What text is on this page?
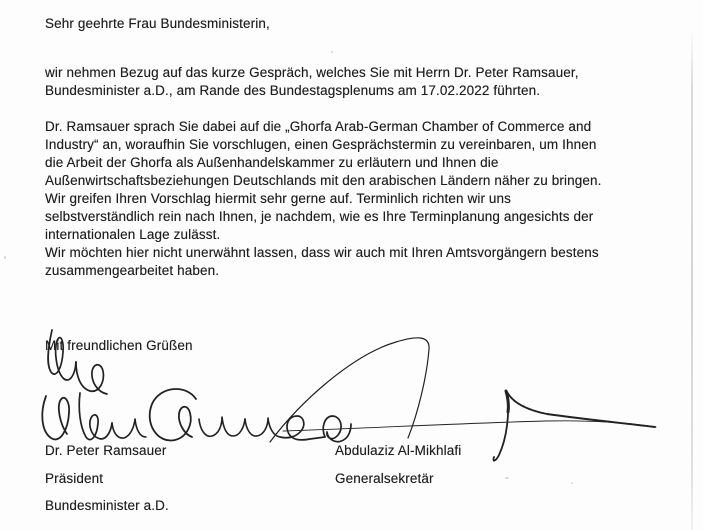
Sehr geehrte Frau Bundesministerin,
wir nehmen Bezug auf das kurze Gespräch, welches Sie mit Herrn Dr. Peter Ramsauer,
Bundesminister a.D., am Rande des Bundestagsplenums am 17.02.2022 führten.
Dr. Ramsauer sprach Sie dabei auf die „Ghorfa Arab-German Chamber of Commerce and
Industry“ an, woraufhin Sie vorschlugen, einen Gesprächstermin zu vereinbaren, um Ihnen
die Arbeit der Ghorfa als Außenhandelskammer zu erläutern und Ihnen die
Außenwirtschaftsbeziehungen Deutschlands mit den arabischen Ländern näher zu bringen.
Wir greifen Ihren Vorschlag hiermit sehr gerne auf. Terminlich richten wir uns
selbstverständlich rein nach Ihnen, je nachdem, wie es Ihre Terminplanung angesichts der
internationalen Lage zulässt.
Wir möchten hier nicht unerwähnt lassen, dass wir auch mit Ihren Amtsvorgängern bestens
zusammengearbeitet haben.
Mit freundlichen Grüßen
Dr. Peter Ramsauer
Präsident
Bundesminister a.D.
Abdulaziz Al-Mikhlafi
Generalsekretär
